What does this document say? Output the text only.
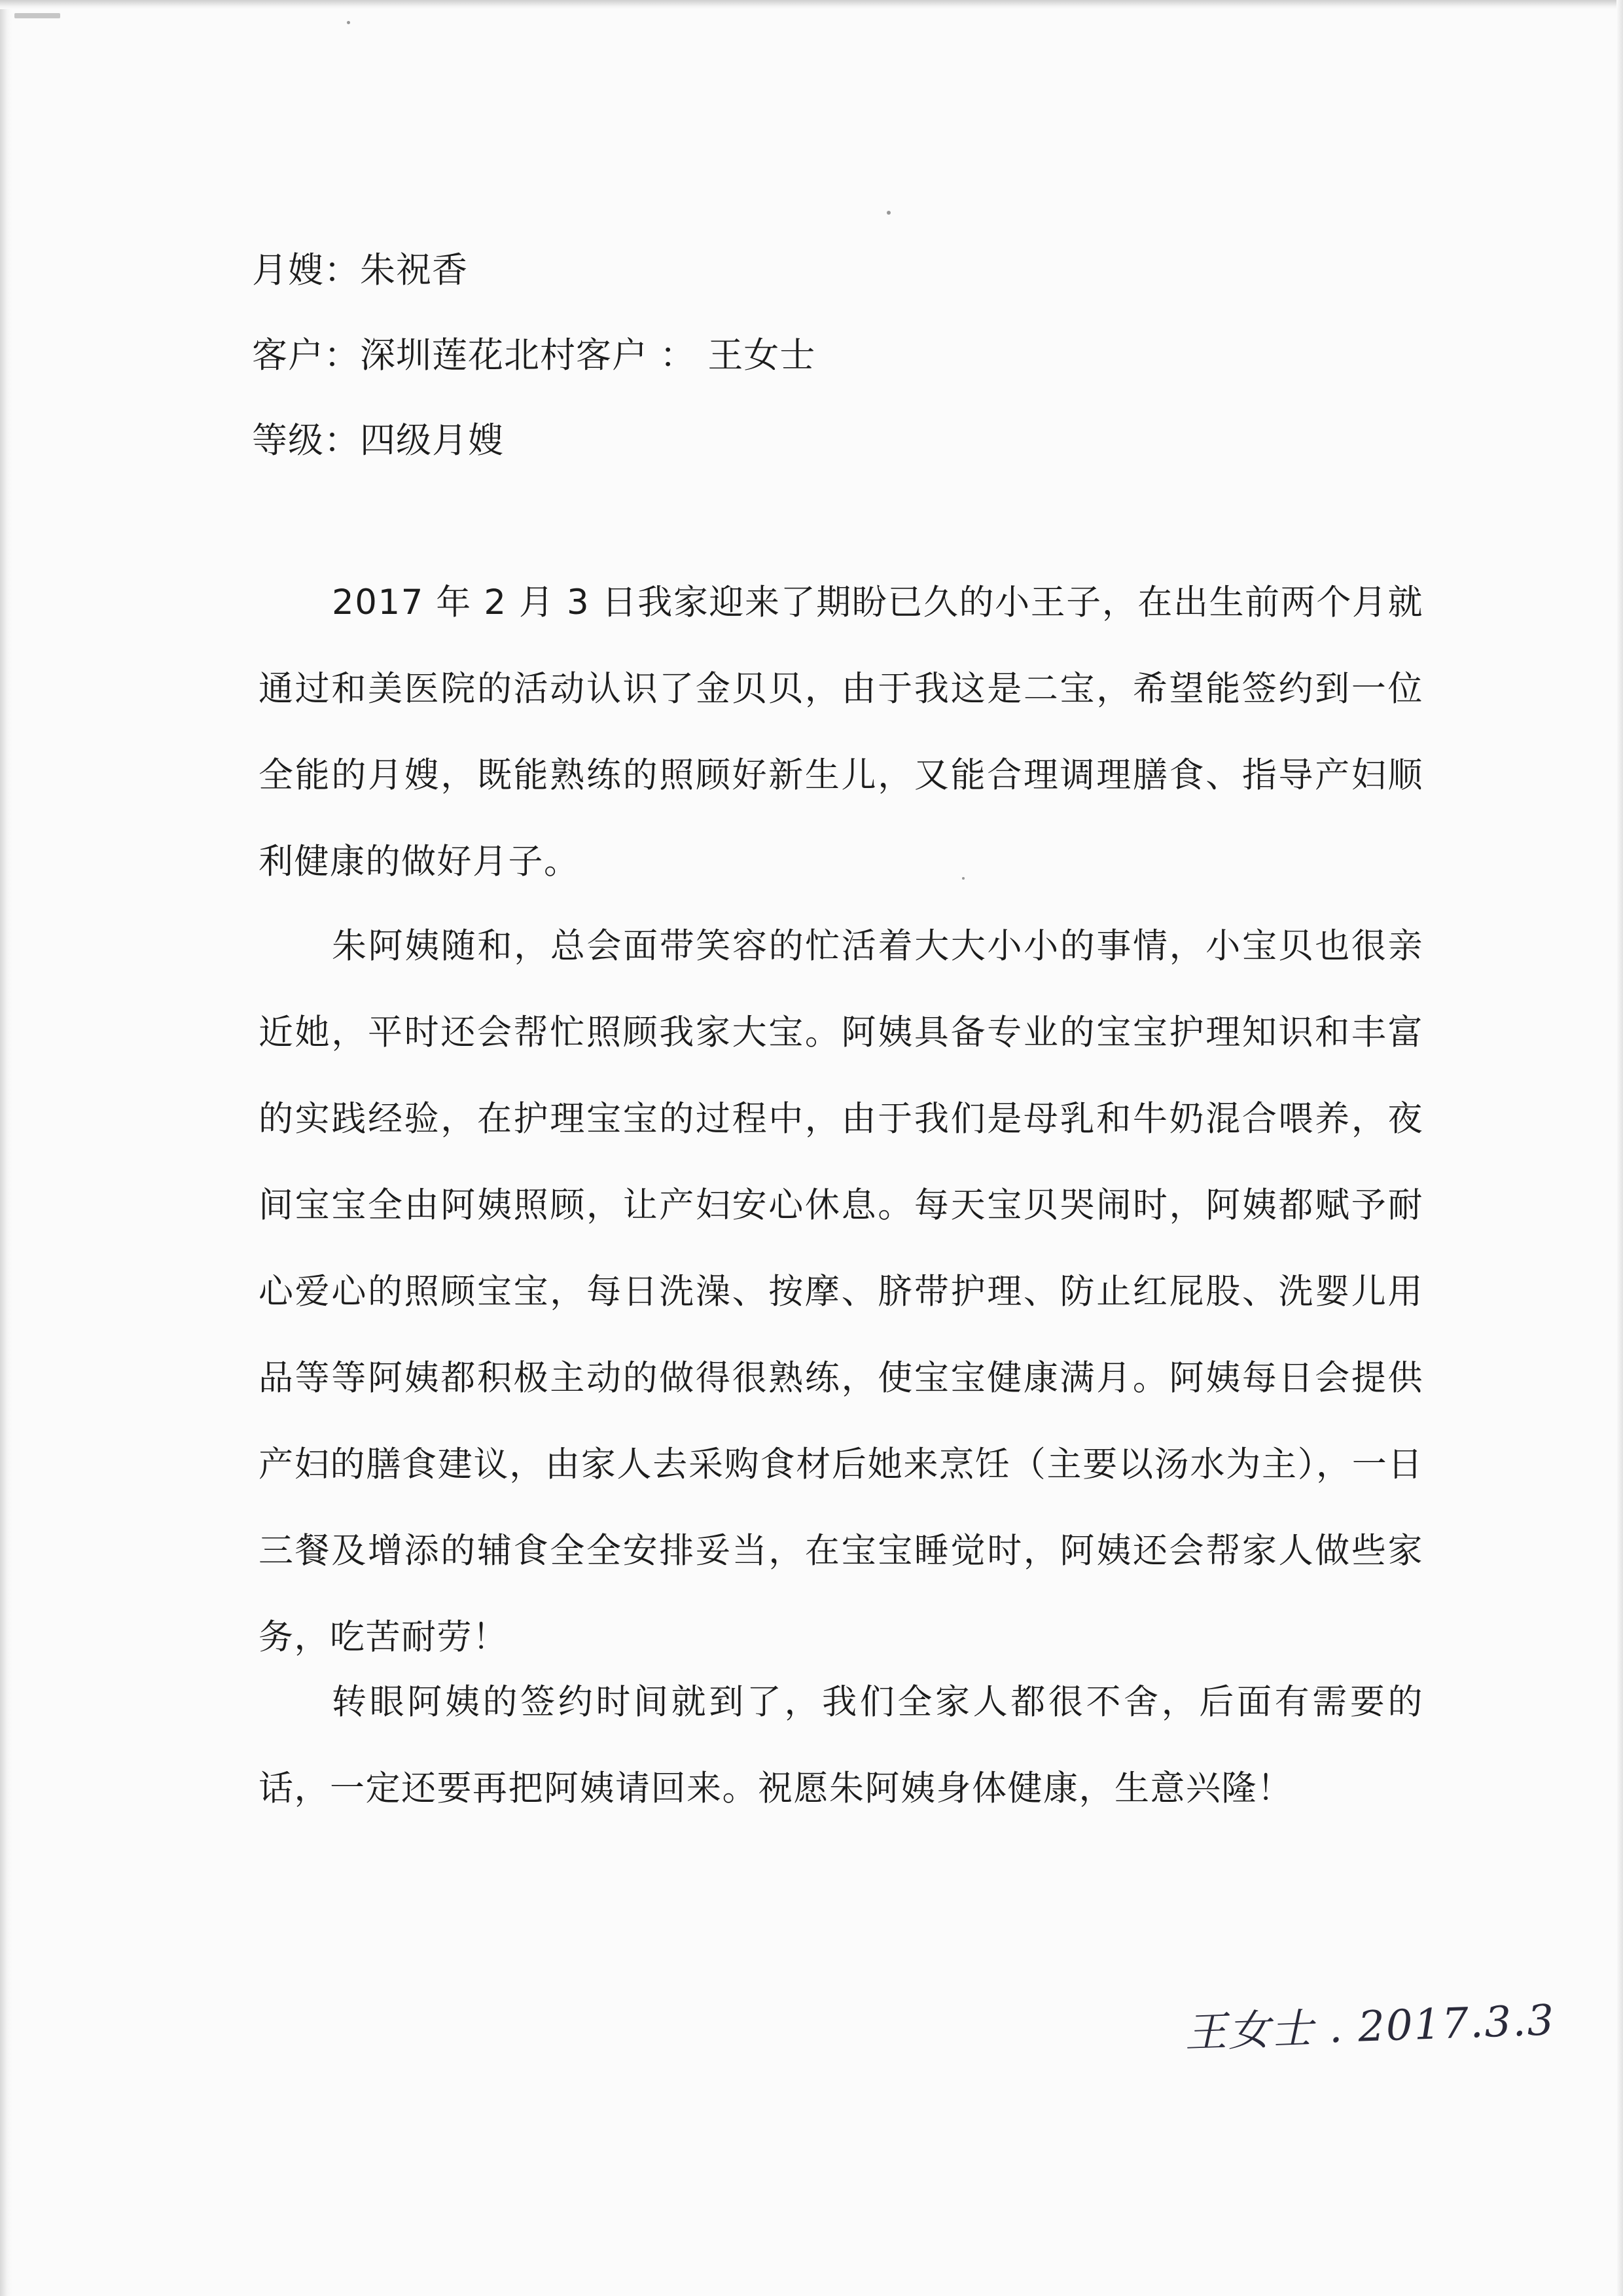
月嫂：朱祝香
客户：深圳莲花北村客户 ： 王女士
等级：四级月嫂

2017 年 2 月 3 日我家迎来了期盼已久的小王子，在出生前两个月就通过和美医院的活动认识了金贝贝，由于我这是二宝，希望能签约到一位全能的月嫂，既能熟练的照顾好新生儿，又能合理调理膳食、指导产妇顺利健康的做好月子。

朱阿姨随和，总会面带笑容的忙活着大大小小的事情，小宝贝也很亲近她，平时还会帮忙照顾我家大宝。阿姨具备专业的宝宝护理知识和丰富的实践经验，在护理宝宝的过程中，由于我们是母乳和牛奶混合喂养，夜间宝宝全由阿姨照顾，让产妇安心休息。每天宝贝哭闹时，阿姨都赋予耐心爱心的照顾宝宝，每日洗澡、按摩、脐带护理、防止红屁股、洗婴儿用品等等阿姨都积极主动的做得很熟练，使宝宝健康满月。阿姨每日会提供产妇的膳食建议，由家人去采购食材后她来烹饪（主要以汤水为主），一日三餐及增添的辅食全全安排妥当，在宝宝睡觉时，阿姨还会帮家人做些家务，吃苦耐劳！

转眼阿姨的签约时间就到了，我们全家人都很不舍，后面有需要的话，一定还要再把阿姨请回来。祝愿朱阿姨身体健康，生意兴隆！

王女士 . 2017.3.3
